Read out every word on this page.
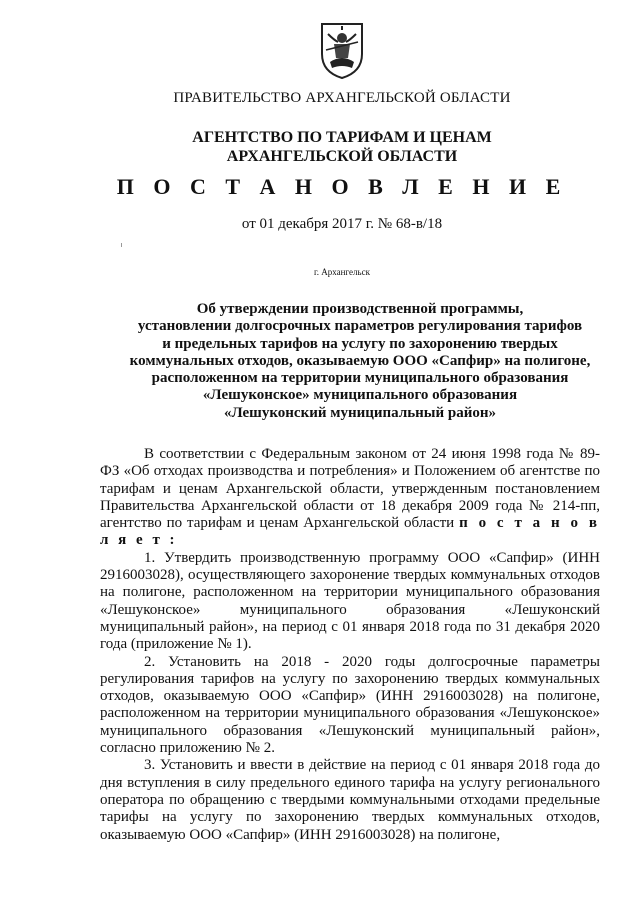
ПРАВИТЕЛЬСТВО АРХАНГЕЛЬСКОЙ ОБЛАСТИ
АГЕНТСТВО ПО ТАРИФАМ И ЦЕНАМ
АРХАНГЕЛЬСКОЙ ОБЛАСТИ
П О С Т А Н О В Л Е Н И Е
от 01 декабря 2017 г. № 68-в/18
г. Архангельск
Об утверждении производственной программы,
установлении долгосрочных параметров регулирования тарифов
и предельных тарифов на услугу по захоронению твердых
коммунальных отходов, оказываемую ООО «Сапфир» на полигоне,
расположенном на территории муниципального образования
«Лешуконское» муниципального образования
«Лешуконский муниципальный район»

В соответствии с Федеральным законом от 24 июня 1998 года № 89-ФЗ «Об отходах производства и потребления» и Положением об агентстве по тарифам и ценам Архангельской области, утвержденным постановлением Правительства Архангельской области от 18 декабря 2009 года № 214-пп, агентство по тарифам и ценам Архангельской области п о с т а н о в л я е т :

1. Утвердить производственную программу ООО «Сапфир» (ИНН 2916003028), осуществляющего захоронение твердых коммунальных отходов на полигоне, расположенном на территории муниципального образования «Лешуконское» муниципального образования «Лешуконский муниципальный район», на период с 01 января 2018 года по 31 декабря 2020 года (приложение № 1).

2. Установить на 2018 - 2020 годы долгосрочные параметры регулирования тарифов на услугу по захоронению твердых коммунальных отходов, оказываемую ООО «Сапфир» (ИНН 2916003028) на полигоне, расположенном на территории муниципального образования «Лешуконское» муниципального образования «Лешуконский муниципальный район», согласно приложению № 2.

3. Установить и ввести в действие на период с 01 января 2018 года до дня вступления в силу предельного единого тарифа на услугу регионального оператора по обращению с твердыми коммунальными отходами предельные тарифы на услугу по захоронению твердых коммунальных отходов, оказываемую ООО «Сапфир» (ИНН 2916003028) на полигоне,
